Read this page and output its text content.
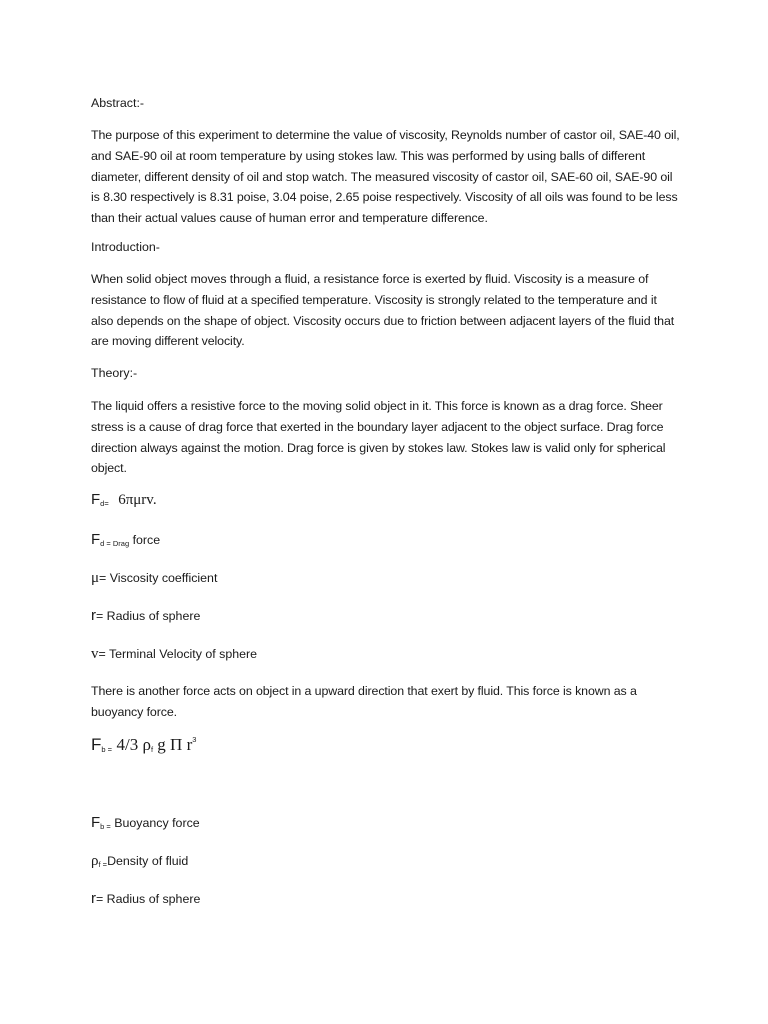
Abstract:-
The purpose of this experiment to determine the value of viscosity, Reynolds number of castor oil, SAE-40 oil, and SAE-90 oil at room temperature by using stokes law. This was performed by using balls of different diameter, different density of oil and stop watch. The measured viscosity of castor oil, SAE-60 oil, SAE-90 oil is 8.30 respectively is 8.31 poise, 3.04 poise, 2.65 poise respectively. Viscosity of all oils was found to be less than their actual values cause of human error and temperature difference.
Introduction-
When solid object moves through a fluid, a resistance force is exerted by fluid. Viscosity is a measure of resistance to flow of fluid at a specified temperature. Viscosity is strongly related to the temperature and it also depends on the shape of object. Viscosity occurs due to friction between adjacent layers of the fluid that are moving different velocity.
Theory:-
The liquid offers a resistive force to the moving solid object in it. This force is known as a drag force. Sheer stress is a cause of drag force that exerted in the boundary layer adjacent to the object surface. Drag force direction always against the motion. Drag force is given by stokes law. Stokes law is valid only for spherical object.
$F_{d=}$ 6πμrv.
$F_{d = Drag}$ force
μ= Viscosity coefficient
r= Radius of sphere
v= Terminal Velocity of sphere
There is another force acts on object in a upward direction that exert by fluid. This force is known as a buoyancy force.
$F_{b =}$ 4/3 $\rho_f$ g Π $r^3$
$F_{b =}$ Buoyancy force
$\rho_{f =}Density$ of fluid
r= Radius of sphere
